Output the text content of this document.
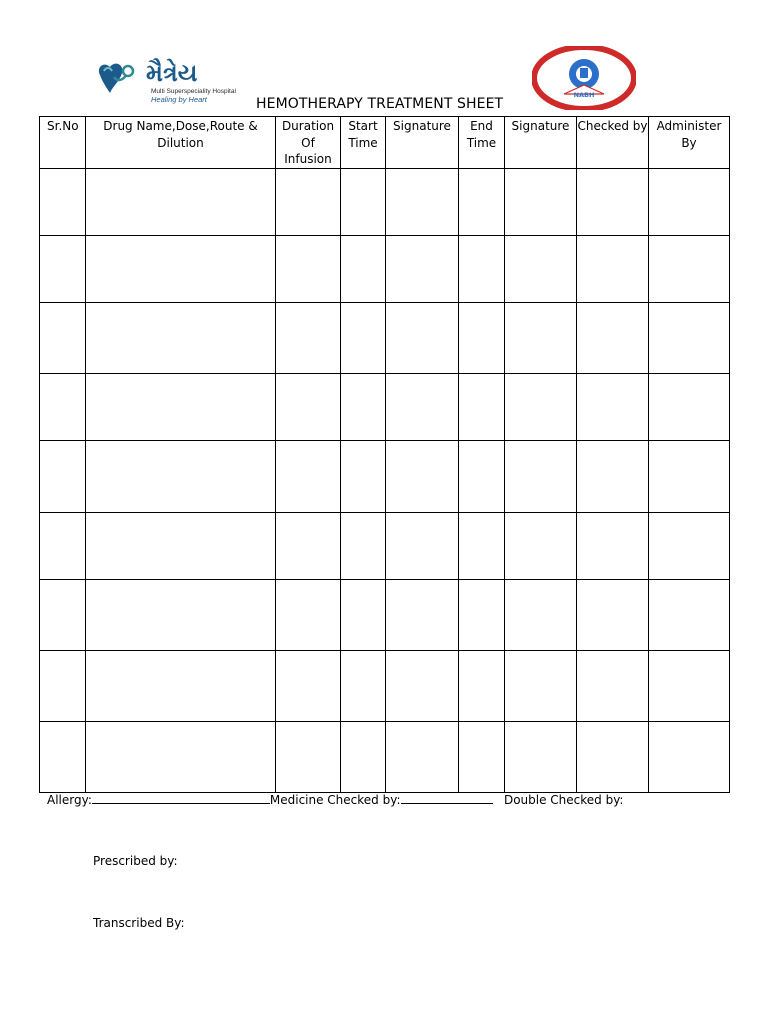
મૈત્રેય
Multi Superspeciality Hospital
Healing by Heart
PATIENT SAFETY & QUALITY OF CARE
NABH
ACCREDITED
HEMOTHERAPY TREATMENT SHEET
Sr.No	Drug Name,Dose,Route & Dilution	Duration Of Infusion	Start Time	Signature	End Time	Signature	Checked by	Administer By

Allergy:	Medicine Checked by:	Double Checked by:
Prescribed by:
Transcribed By:
